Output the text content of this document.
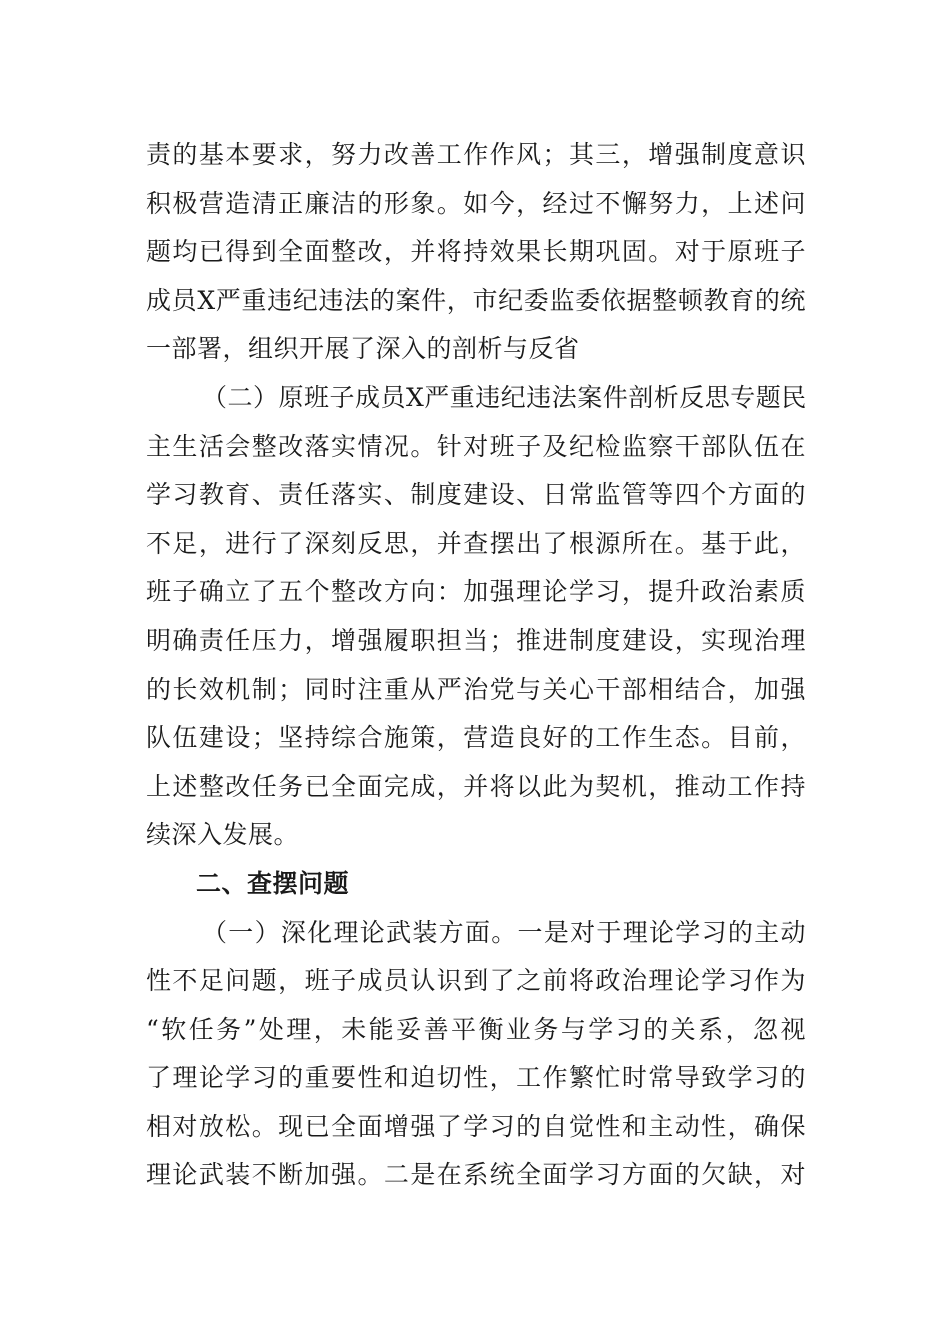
责的基本要求，努力改善工作作风；其三，增强制度意识
积极营造清正廉洁的形象。如今，经过不懈努力，上述问
题均已得到全面整改，并将持效果长期巩固。对于原班子
成员X严重违纪违法的案件，市纪委监委依据整顿教育的统
一部署，组织开展了深入的剖析与反省
（二）原班子成员X严重违纪违法案件剖析反思专题民
主生活会整改落实情况。针对班子及纪检监察干部队伍在
学习教育、责任落实、制度建设、日常监管等四个方面的
不足，进行了深刻反思，并查摆出了根源所在。基于此，
班子确立了五个整改方向：加强理论学习，提升政治素质
明确责任压力，增强履职担当；推进制度建设，实现治理
的长效机制；同时注重从严治党与关心干部相结合，加强
队伍建设；坚持综合施策，营造良好的工作生态。目前，
上述整改任务已全面完成，并将以此为契机，推动工作持
续深入发展。
二、查摆问题
（一）深化理论武装方面。一是对于理论学习的主动
性不足问题，班子成员认识到了之前将政治理论学习作为
“软任务”处理，未能妥善平衡业务与学习的关系，忽视
了理论学习的重要性和迫切性，工作繁忙时常导致学习的
相对放松。现已全面增强了学习的自觉性和主动性，确保
理论武装不断加强。二是在系统全面学习方面的欠缺，对
